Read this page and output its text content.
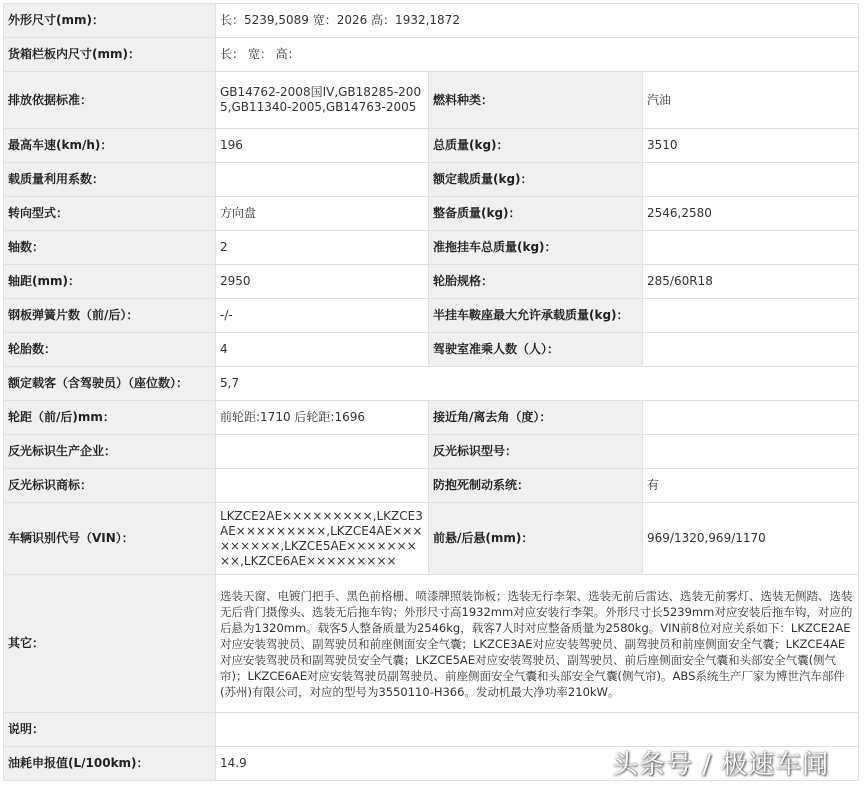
外形尺寸(mm)：	长：5239,5089 宽：2026 高：1932,1872		
货箱栏板内尺寸(mm)：	长： 宽： 高：		
排放依据标准：	GB14762-2008国IV,GB18285-2005,GB11340-2005,GB14763-2005	燃料种类：	汽油
最高车速(km/h)：	196	总质量(kg)：	3510
载质量利用系数：		额定载质量(kg)：	
转向型式：	方向盘	整备质量(kg)：	2546,2580
轴数：	2	准拖挂车总质量(kg)：	
轴距(mm)：	2950	轮胎规格：	285/60R18
钢板弹簧片数（前/后）：	-/-	半挂车鞍座最大允许承载质量(kg)：	
轮胎数：	4	驾驶室准乘人数（人）：	
额定载客（含驾驶员）（座位数）：	5,7		
轮距（前/后)mm：	前轮距:1710 后轮距:1696	接近角/离去角（度）：	
反光标识生产企业：		反光标识型号：	
反光标识商标：		防抱死制动系统：	有
车辆识别代号（VIN）：	LKZCE2AE×××××××××,LKZCE3AE×××××××××,LKZCE4AE×××××××××,LKZCE5AE×××××××××,LKZCE6AE×××××××××	前悬/后悬(mm)：	969/1320,969/1170
其它：	选装天窗、电镀门把手、黑色前格栅、喷漆牌照装饰板；选装无行李架、选装无前后雷达、选装无前雾灯、选装无侧踏、选装无后背门摄像头、选装无后拖车钩；外形尺寸高1932mm对应安装行李架。外形尺寸长5239mm对应安装后拖车钩，对应的后悬为1320mm。载客5人整备质量为2546kg，载客7人时对应整备质量为2580kg。VIN前8位对应关系如下：LKZCE2AE对应安装驾驶员、副驾驶员和前座侧面安全气囊；LKZCE3AE对应安装驾驶员、副驾驶员和前座侧面安全气囊；LKZCE4AE对应安装驾驶员和副驾驶员安全气囊；LKZCE5AE对应安装驾驶员、副驾驶员、前后座侧面安全气囊和头部安全气囊(侧气帘)；LKZCE6AE对应安装驾驶员副驾驶员、前座侧面安全气囊和头部安全气囊(侧气帘)。ABS系统生产厂家为博世汽车部件(苏州)有限公司，对应的型号为3550110-H366。发动机最大净功率210kW。		
说明：			
油耗申报值(L/100km)：	14.9			头条号 / 极速车闻
